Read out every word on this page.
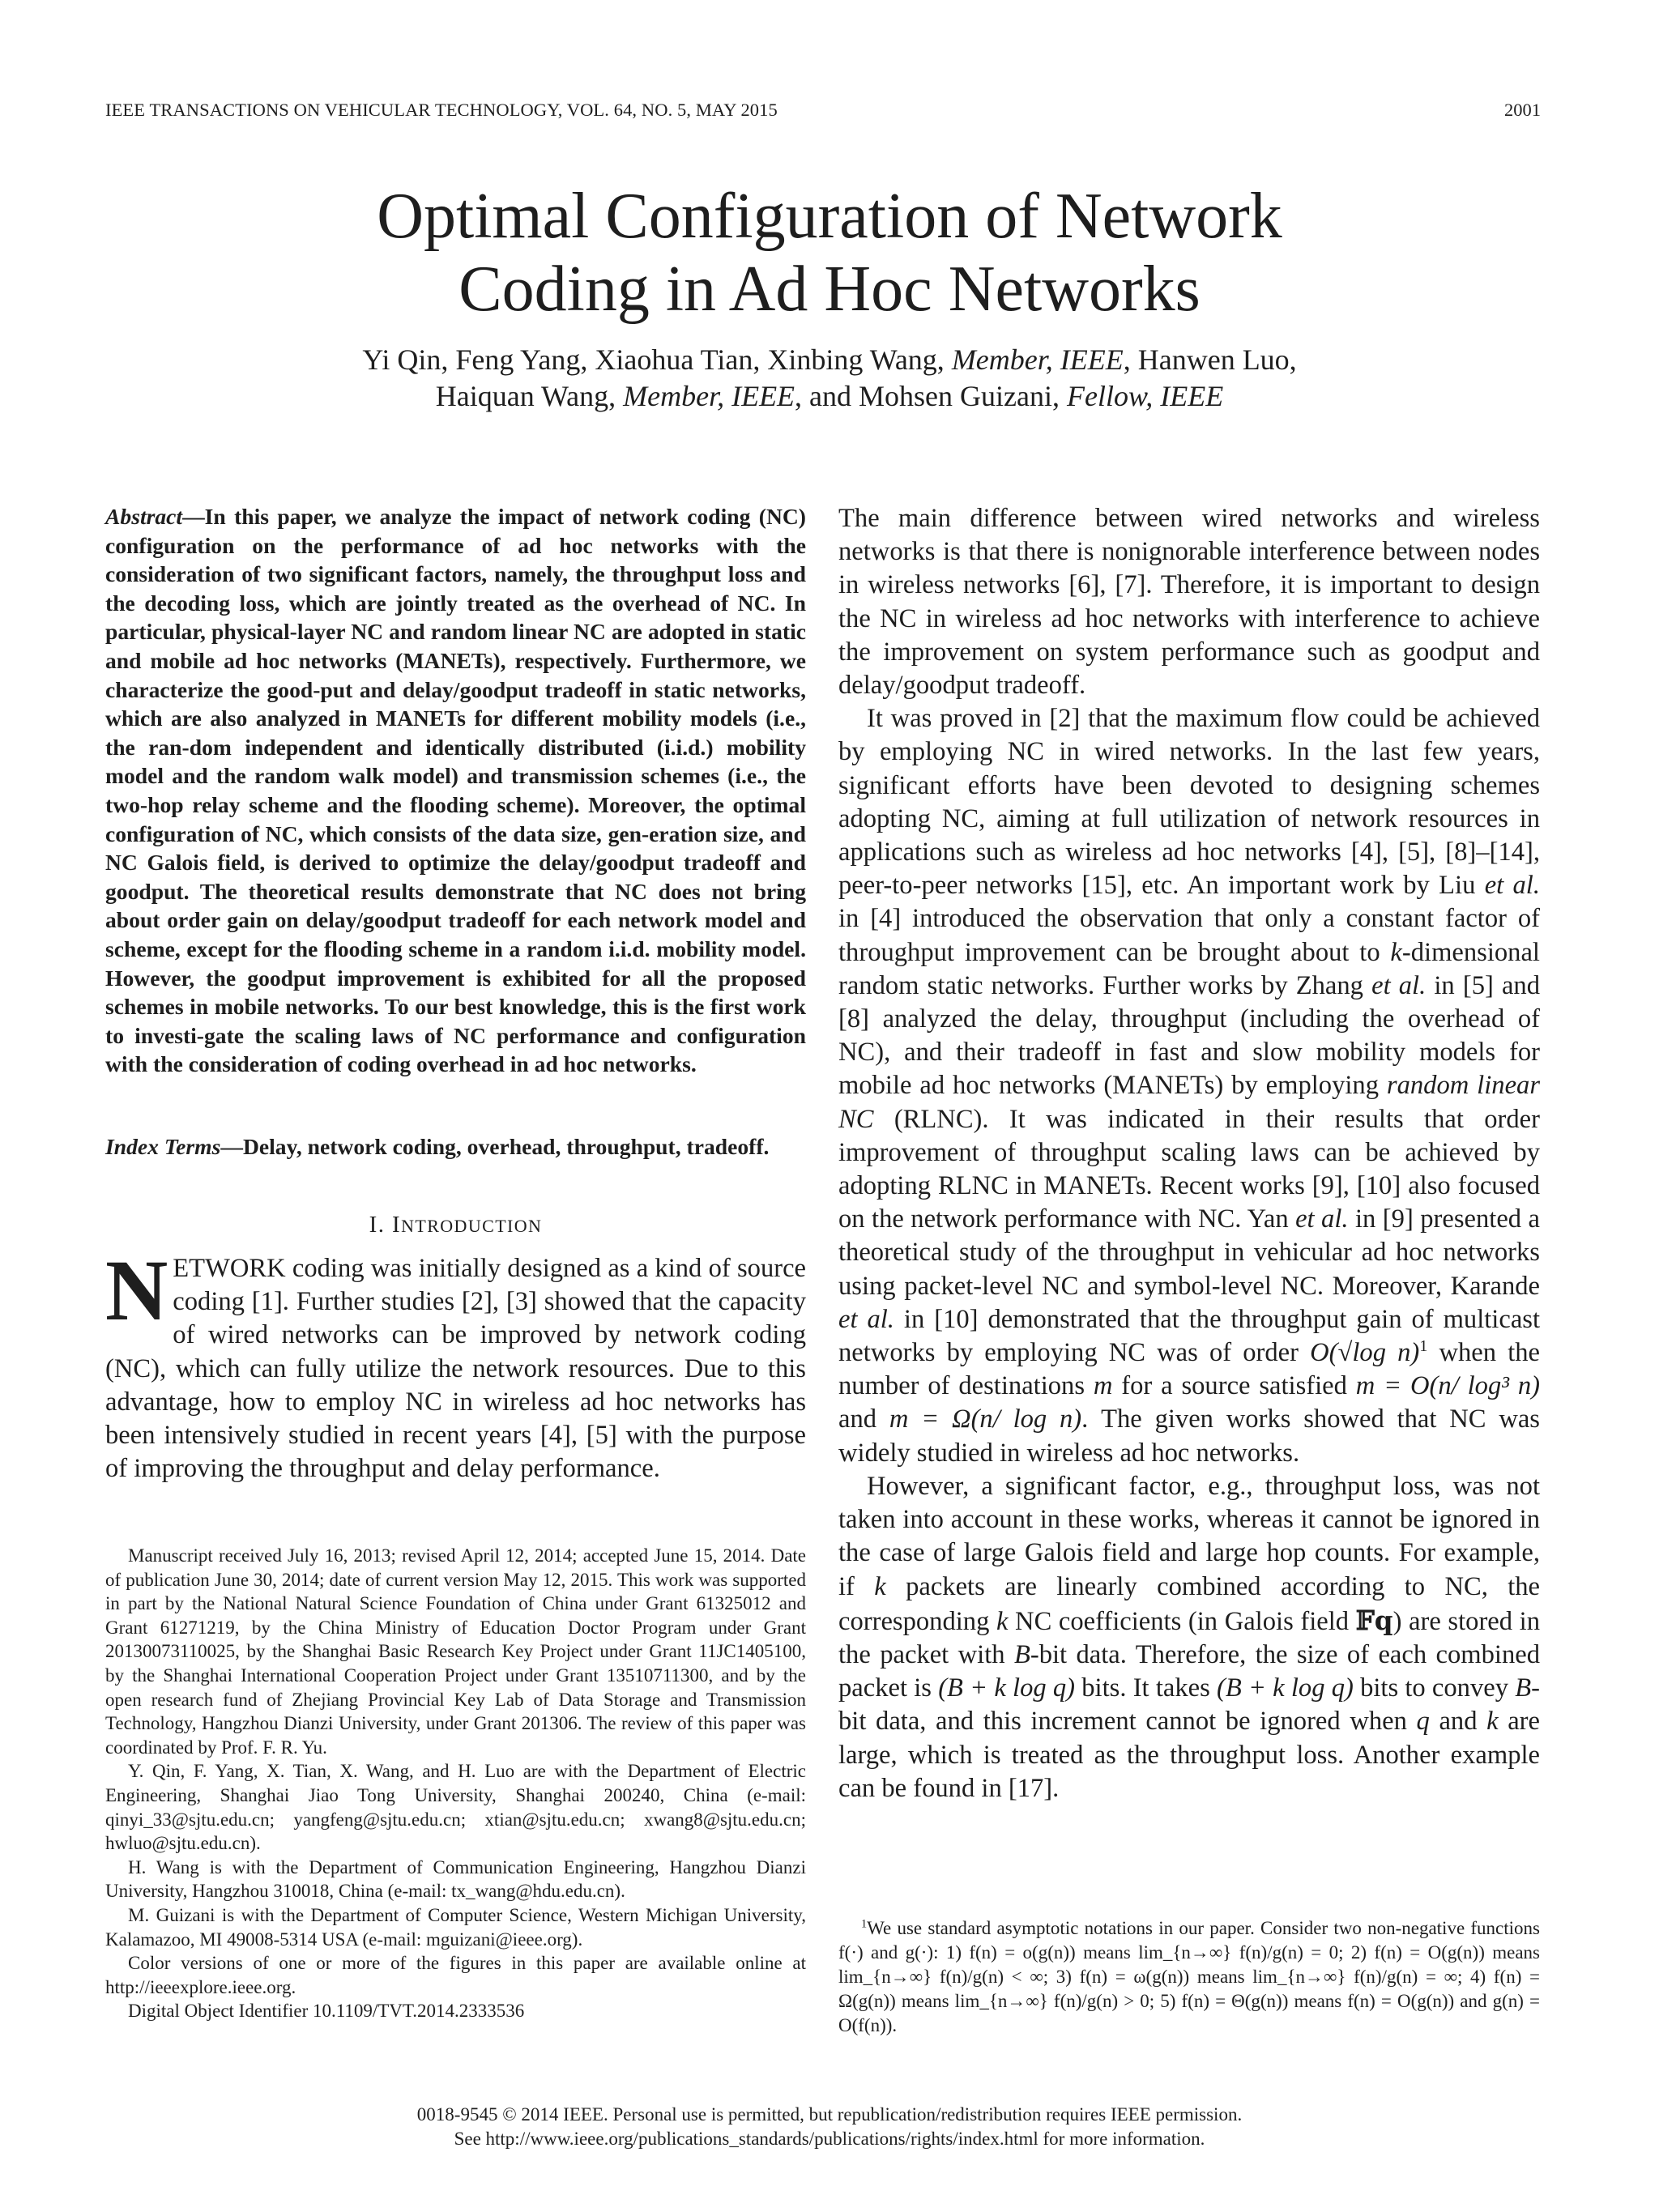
IEEE TRANSACTIONS ON VEHICULAR TECHNOLOGY, VOL. 64, NO. 5, MAY 2015	2001
Optimal Configuration of Network
Coding in Ad Hoc Networks
Yi Qin, Feng Yang, Xiaohua Tian, Xinbing Wang, Member, IEEE, Hanwen Luo,
Haiquan Wang, Member, IEEE, and Mohsen Guizani, Fellow, IEEE
Abstract—In this paper, we analyze the impact of network coding (NC) configuration on the performance of ad hoc networks with the consideration of two significant factors, namely, the throughput loss and the decoding loss, which are jointly treated as the overhead of NC. In particular, physical-layer NC and random linear NC are adopted in static and mobile ad hoc networks (MANETs), respectively. Furthermore, we characterize the good-put and delay/goodput tradeoff in static networks, which are also analyzed in MANETs for different mobility models (i.e., the ran-dom independent and identically distributed (i.i.d.) mobility model and the random walk model) and transmission schemes (i.e., the two-hop relay scheme and the flooding scheme). Moreover, the optimal configuration of NC, which consists of the data size, gen-eration size, and NC Galois field, is derived to optimize the delay/goodput tradeoff and goodput. The theoretical results demonstrate that NC does not bring about order gain on delay/goodput tradeoff for each network model and scheme, except for the flooding scheme in a random i.i.d. mobility model. However, the goodput improvement is exhibited for all the proposed schemes in mobile networks. To our best knowledge, this is the first work to investi-gate the scaling laws of NC performance and configuration with the consideration of coding overhead in ad hoc networks.
Index Terms—Delay, network coding, overhead, throughput, tradeoff.
I. INTRODUCTION
NETWORK coding was initially designed as a kind of source coding [1]. Further studies [2], [3] showed that the capacity of wired networks can be improved by network coding (NC), which can fully utilize the network resources. Due to this advantage, how to employ NC in wireless ad hoc networks has been intensively studied in recent years [4], [5] with the purpose of improving the throughput and delay performance.

Manuscript received July 16, 2013; revised April 12, 2014; accepted June 15, 2014. Date of publication June 30, 2014; date of current version May 12, 2015. This work was supported in part by the National Natural Science Foundation of China under Grant 61325012 and Grant 61271219, by the China Ministry of Education Doctor Program under Grant 20130073110025, by the Shanghai Basic Research Key Project under Grant 11JC1405100, by the Shanghai International Cooperation Project under Grant 13510711300, and by the open research fund of Zhejiang Provincial Key Lab of Data Storage and Transmission Technology, Hangzhou Dianzi University, under Grant 201306. The review of this paper was coordinated by Prof. F. R. Yu.

Y. Qin, F. Yang, X. Tian, X. Wang, and H. Luo are with the Department of Electric Engineering, Shanghai Jiao Tong University, Shanghai 200240, China (e-mail: qinyi_33@sjtu.edu.cn; yangfeng@sjtu.edu.cn; xtian@sjtu.edu.cn; xwang8@sjtu.edu.cn; hwluo@sjtu.edu.cn).

H. Wang is with the Department of Communication Engineering, Hangzhou Dianzi University, Hangzhou 310018, China (e-mail: tx_wang@hdu.edu.cn).

M. Guizani is with the Department of Computer Science, Western Michigan University, Kalamazoo, MI 49008-5314 USA (e-mail: mguizani@ieee.org).

Color versions of one or more of the figures in this paper are available online at http://ieeexplore.ieee.org.

Digital Object Identifier 10.1109/TVT.2014.2333536

The main difference between wired networks and wireless networks is that there is nonignorable interference between nodes in wireless networks [6], [7]. Therefore, it is important to design the NC in wireless ad hoc networks with interference to achieve the improvement on system performance such as goodput and delay/goodput tradeoff.

It was proved in [2] that the maximum flow could be achieved by employing NC in wired networks. In the last few years, significant efforts have been devoted to designing schemes adopting NC, aiming at full utilization of network resources in applications such as wireless ad hoc networks [4], [5], [8]–[14], peer-to-peer networks [15], etc. An important work by Liu et al. in [4] introduced the observation that only a constant factor of throughput improvement can be brought about to k-dimensional random static networks. Further works by Zhang et al. in [5] and [8] analyzed the delay, throughput (including the overhead of NC), and their tradeoff in fast and slow mobility models for mobile ad hoc networks (MANETs) by employing random linear NC (RLNC). It was indicated in their results that order improvement of throughput scaling laws can be achieved by adopting RLNC in MANETs. Recent works [9], [10] also focused on the network performance with NC. Yan et al. in [9] presented a theoretical study of the throughput in vehicular ad hoc networks using packet-level NC and symbol-level NC. Moreover, Karande et al. in [10] demonstrated that the throughput gain of multicast networks by employing NC was of order O(√log n)$^1$ when the number of destinations m for a source satisfied m = O(n/ log³ n) and m = Ω(n/ log n). The given works showed that NC was widely studied in wireless ad hoc networks.

However, a significant factor, e.g., throughput loss, was not taken into account in these works, whereas it cannot be ignored in the case of large Galois field and large hop counts. For example, if k packets are linearly combined according to NC, the corresponding k NC coefficients (in Galois field 𝔽q) are stored in the packet with B-bit data. Therefore, the size of each combined packet is (B + k log q) bits. It takes (B + k log q) bits to convey B-bit data, and this increment cannot be ignored when q and k are large, which is treated as the throughput loss. Another example can be found in [17].

$^1$We use standard asymptotic notations in our paper. Consider two non-negative functions f(·) and g(·): 1) f(n) = o(g(n)) means lim_{n→∞} f(n)/g(n) = 0; 2) f(n) = O(g(n)) means lim_{n→∞} f(n)/g(n) < ∞; 3) f(n) = ω(g(n)) means lim_{n→∞} f(n)/g(n) = ∞; 4) f(n) = Ω(g(n)) means lim_{n→∞} f(n)/g(n) > 0; 5) f(n) = Θ(g(n)) means f(n) = O(g(n)) and g(n) = O(f(n)).

0018-9545 © 2014 IEEE. Personal use is permitted, but republication/redistribution requires IEEE permission.
See http://www.ieee.org/publications_standards/publications/rights/index.html for more information.
